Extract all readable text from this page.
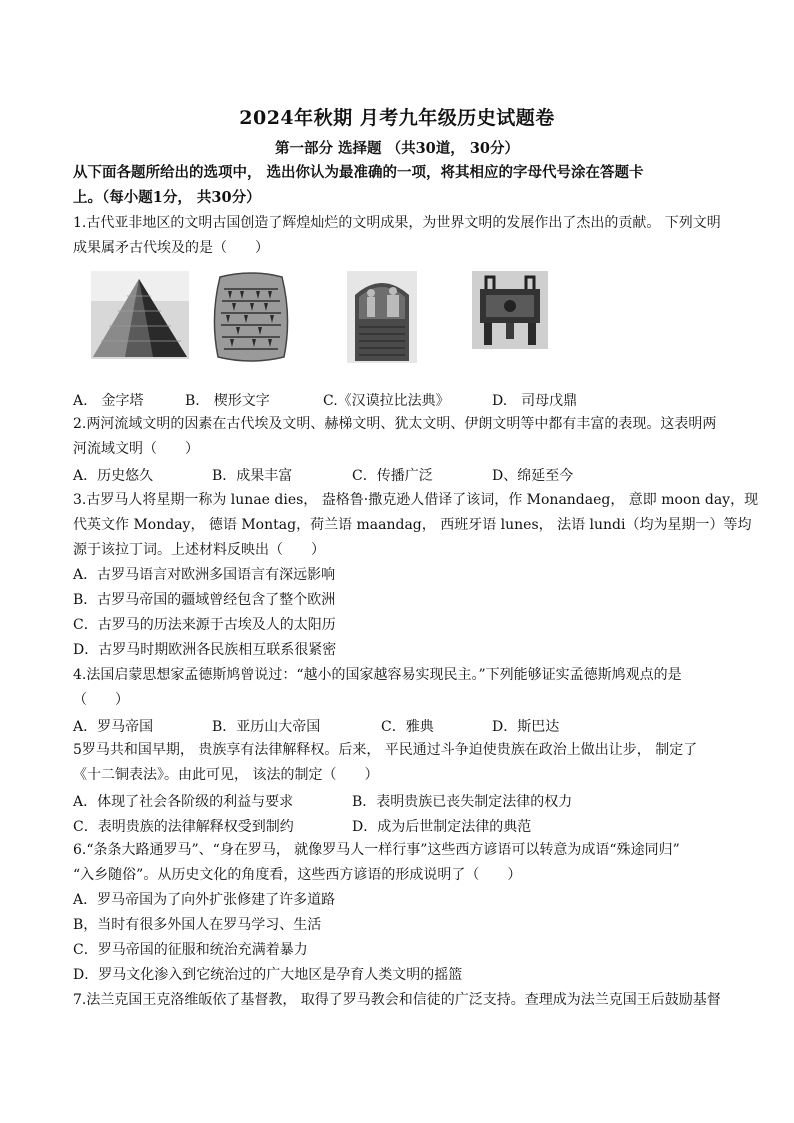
2024年秋期 月考九年级历史试题卷
第一部分 选择题 （共30道， 30分）
从下面各题所给出的选项中， 选出你认为最准确的一项，将其相应的字母代号涂在答题卡
上。（每小题1分， 共30分）
1.古代亚非地区的文明古国创造了辉煌灿烂的文明成果，为世界文明的发展作出了杰出的贡献。 下列文明
成果属矛古代埃及的是（　　）
A.　金字塔	B.　楔形文字	C.《汉谟拉比法典》	D.　司母戊鼎
2.两河流域文明的因素在古代埃及文明、赫梯文明、犹太文明、伊朗文明等中都有丰富的表现。这表明两
河流域文明（　　）
A．历史悠久	B．成果丰富	C．传播广泛	D、绵延至今
3.古罗马人将星期一称为 lunae dies， 盎格鲁·撒克逊人借译了该词，作 Monandaeg， 意即 moon day，现
代英文作 Monday， 德语 Montag，荷兰语 maandag， 西班牙语 lunes， 法语 lundi（均为星期一）等均
源于该拉丁词。上述材料反映出（　　）
A．古罗马语言对欧洲多国语言有深远影响
B．古罗马帝国的疆域曾经包含了整个欧洲
C．古罗马的历法来源于古埃及人的太阳历
D．古罗马时期欧洲各民族相互联系很紧密
4.法国启蒙思想家孟德斯鸠曾说过：“越小的国家越容易实现民主。”下列能够证实孟德斯鸠观点的是
（　　）
A．罗马帝国	B．亚历山大帝国	C．雅典	D．斯巴达
5罗马共和国早期， 贵族享有法律解释权。后来， 平民通过斗争迫使贵族在政治上做出让步， 制定了
《十二铜表法》。由此可见， 该法的制定（　　）
A．体现了社会各阶级的利益与要求	B．表明贵族已丧失制定法律的权力
C．表明贵族的法律解释权受到制约	D．成为后世制定法律的典范
6.“条条大路通罗马”、“身在罗马， 就像罗马人一样行事”这些西方谚语可以转意为成语“殊途同归”
“入乡随俗”。从历史文化的角度看，这些西方谚语的形成说明了（　　）
A．罗马帝国为了向外扩张修建了许多道路
B，当时有很多外国人在罗马学习、生活
C．罗马帝国的征服和统治充满着暴力
D．罗马文化渗入到它统治过的广大地区是孕育人类文明的摇篮
7.法兰克国王克洛维皈依了基督教， 取得了罗马教会和信徒的广泛支持。查理成为法兰克国王后鼓励基督
